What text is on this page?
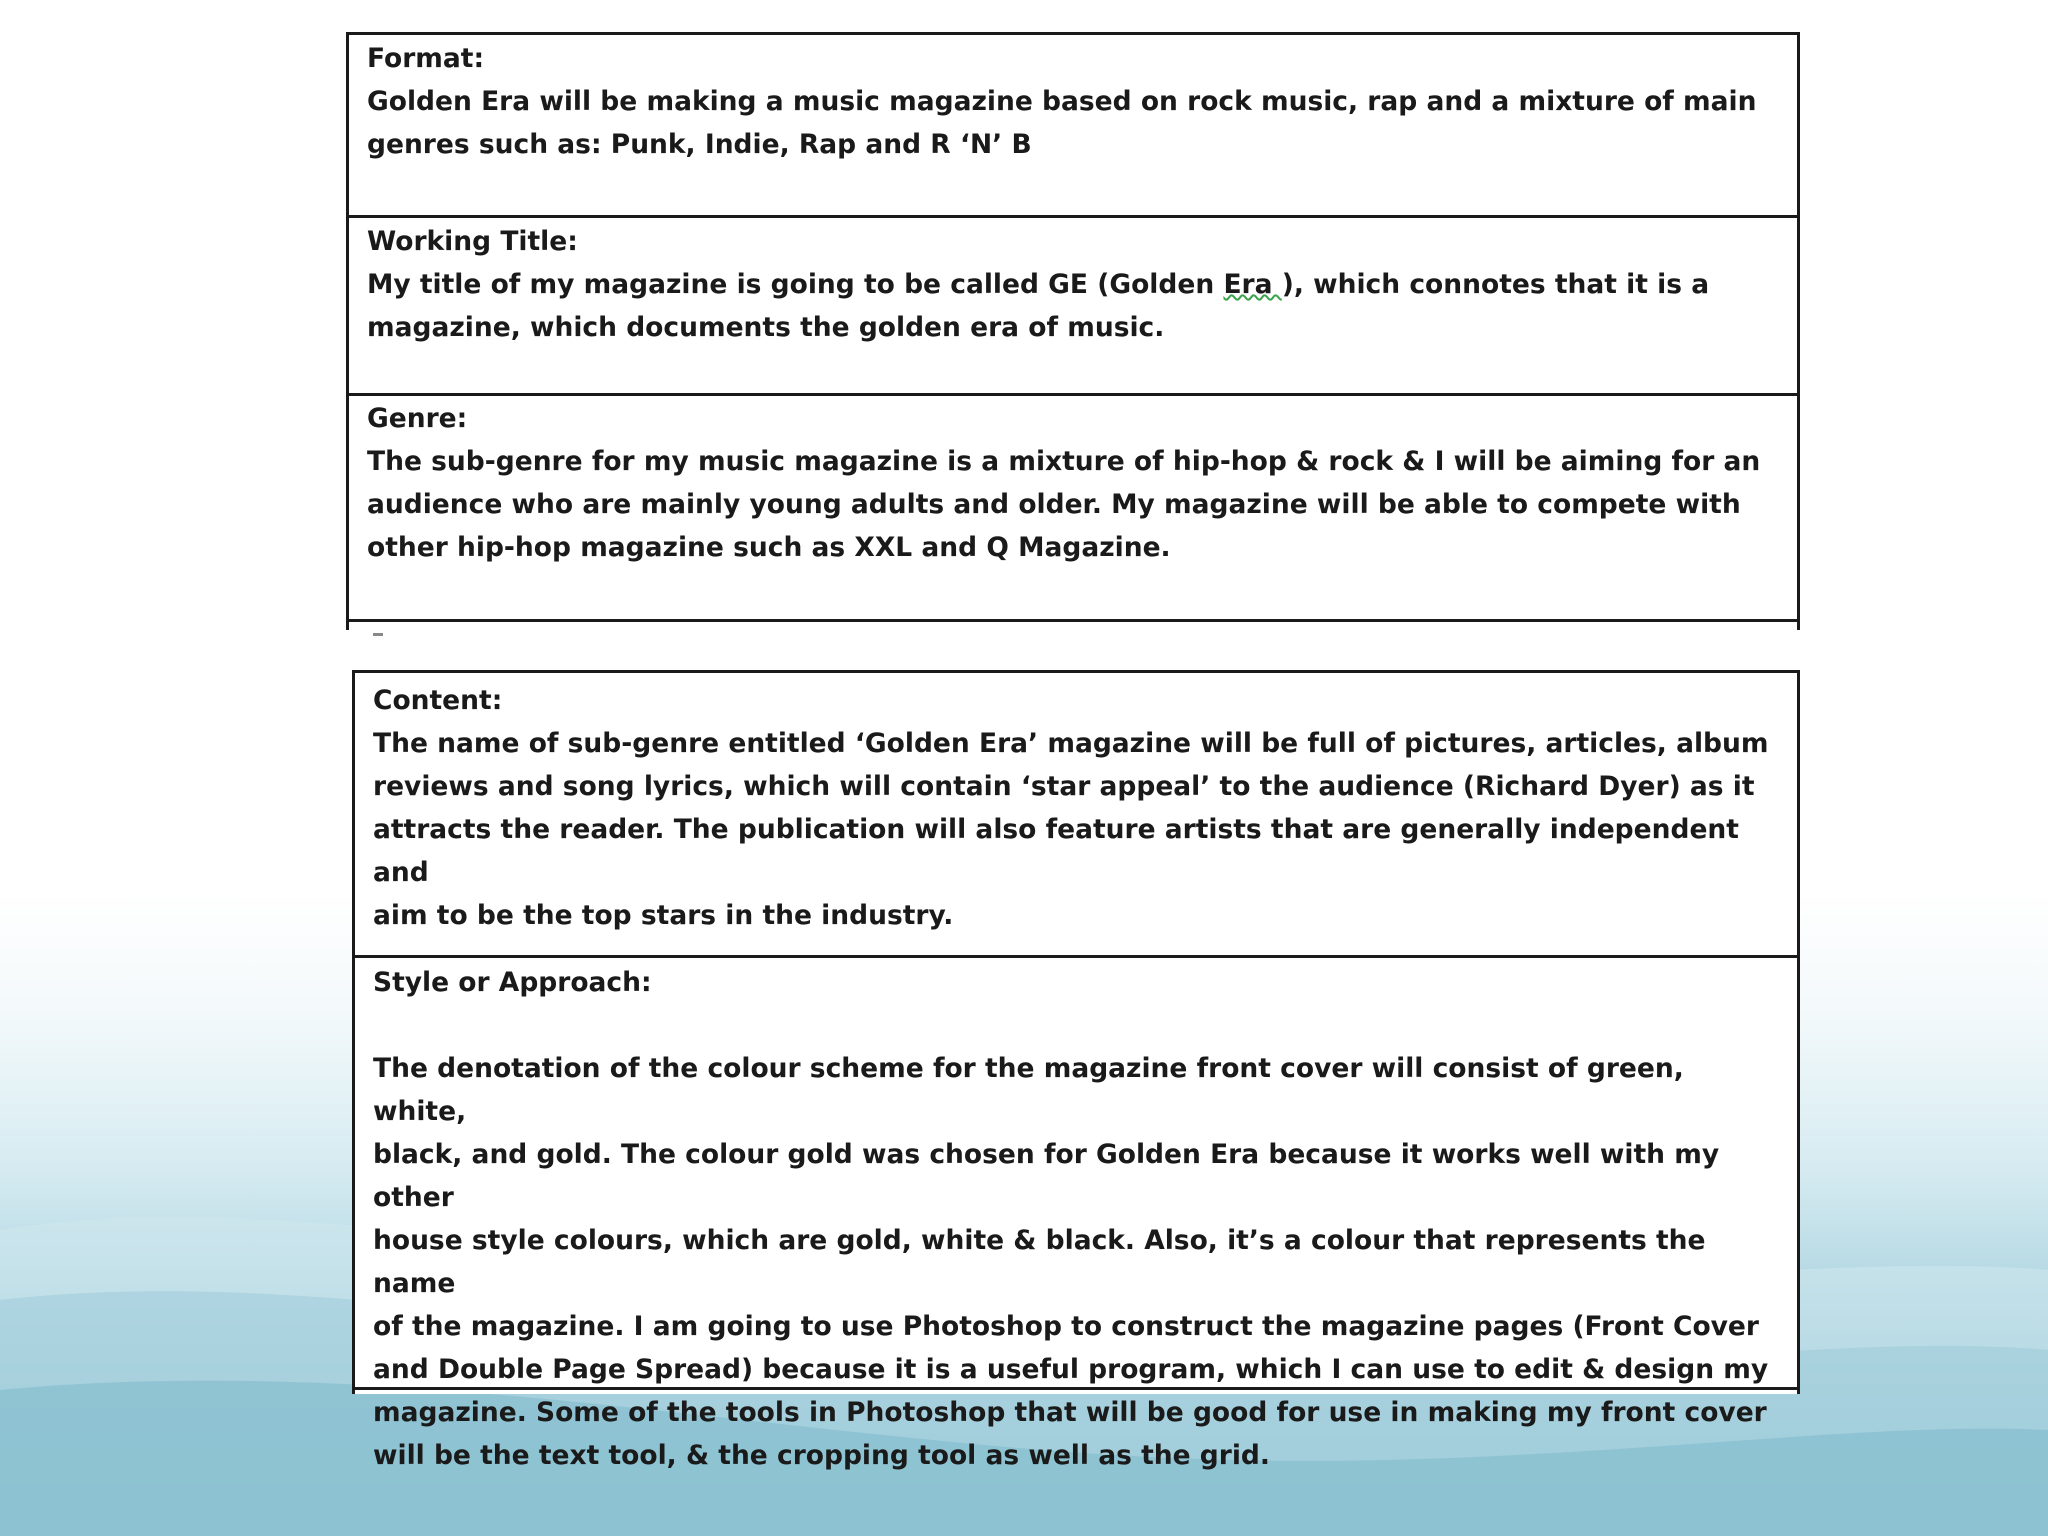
Format:
Golden Era will be making a music magazine based on rock music, rap and a mixture of main
genres such as: Punk, Indie, Rap and R ‘N’ B
Working Title:
My title of my magazine is going to be called GE (Golden Era ), which connotes that it is a
magazine, which documents the golden era of music.
Genre:
The sub-genre for my music magazine is a mixture of hip-hop & rock & I will be aiming for an
audience who are mainly young adults and older. My magazine will be able to compete with
other hip-hop magazine such as XXL and Q Magazine.
Content:
The name of sub-genre entitled ‘Golden Era’ magazine will be full of pictures, articles, album
reviews and song lyrics, which will contain ‘star appeal’ to the audience (Richard Dyer) as it
attracts the reader. The publication will also feature artists that are generally independent and
aim to be the top stars in the industry.
Style or Approach:
The denotation of the colour scheme for the magazine front cover will consist of green, white,
black, and gold. The colour gold was chosen for Golden Era because it works well with my other
house style colours, which are gold, white & black. Also, it’s a colour that represents the name
of the magazine. I am going to use Photoshop to construct the magazine pages (Front Cover
and Double Page Spread) because it is a useful program, which I can use to edit & design my
magazine. Some of the tools in Photoshop that will be good for use in making my front cover
will be the text tool, & the cropping tool as well as the grid.
